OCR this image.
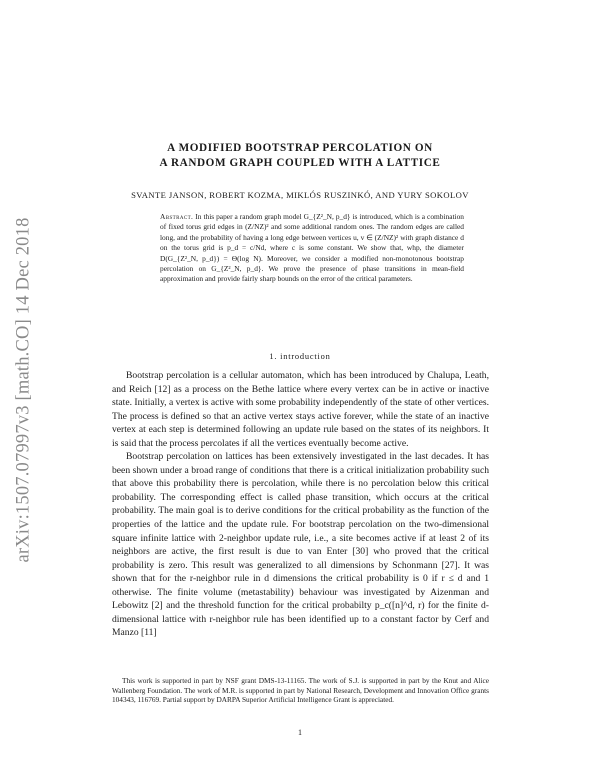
arXiv:1507.07997v3 [math.CO] 14 Dec 2018
A MODIFIED BOOTSTRAP PERCOLATION ON
A RANDOM GRAPH COUPLED WITH A LATTICE
SVANTE JANSON, ROBERT KOZMA, MIKLÓS RUSZINKÓ, AND YURY SOKOLOV
Abstract. In this paper a random graph model G_{Z²_N, p_d} is introduced, which is a combination of fixed torus grid edges in (Z/NZ)² and some additional random ones. The random edges are called long, and the probability of having a long edge between vertices u, v ∈ (Z/NZ)² with graph distance d on the torus grid is p_d = c/Nd, where c is some constant. We show that, whp, the diameter D(G_{Z²_N, p_d}) = Θ(log N). Moreover, we consider a modified non-monotonous bootstrap percolation on G_{Z²_N, p_d}. We prove the presence of phase transitions in mean-field approximation and provide fairly sharp bounds on the error of the critical parameters.
1. introduction

Bootstrap percolation is a cellular automaton, which has been introduced by Chalupa, Leath, and Reich [12] as a process on the Bethe lattice where every vertex can be in active or inactive state. Initially, a vertex is active with some probability independently of the state of other vertices. The process is defined so that an active vertex stays active forever, while the state of an inactive vertex at each step is determined following an update rule based on the states of its neighbors. It is said that the process percolates if all the vertices eventually become active.

Bootstrap percolation on lattices has been extensively investigated in the last decades. It has been shown under a broad range of conditions that there is a critical initialization probability such that above this probability there is percolation, while there is no percolation below this critical probability. The corresponding effect is called phase transition, which occurs at the critical probability. The main goal is to derive conditions for the critical probability as the function of the properties of the lattice and the update rule. For bootstrap percolation on the two-dimensional square infinite lattice with 2-neighbor update rule, i.e., a site becomes active if at least 2 of its neighbors are active, the first result is due to van Enter [30] who proved that the critical probability is zero. This result was generalized to all dimensions by Schonmann [27]. It was shown that for the r-neighbor rule in d dimensions the critical probability is 0 if r ≤ d and 1 otherwise. The finite volume (metastability) behaviour was investigated by Aizenman and Lebowitz [2] and the threshold function for the critical probabilty p_c([n]^d, r) for the finite d-dimensional lattice with r-neighbor rule has been identified up to a constant factor by Cerf and Manzo [11]

This work is supported in part by NSF grant DMS-13-11165. The work of S.J. is supported in part by the Knut and Alice Wallenberg Foundation. The work of M.R. is supported in part by National Research, Development and Innovation Office grants 104343, 116769. Partial support by DARPA Superior Artificial Intelligence Grant is appreciated.

1
